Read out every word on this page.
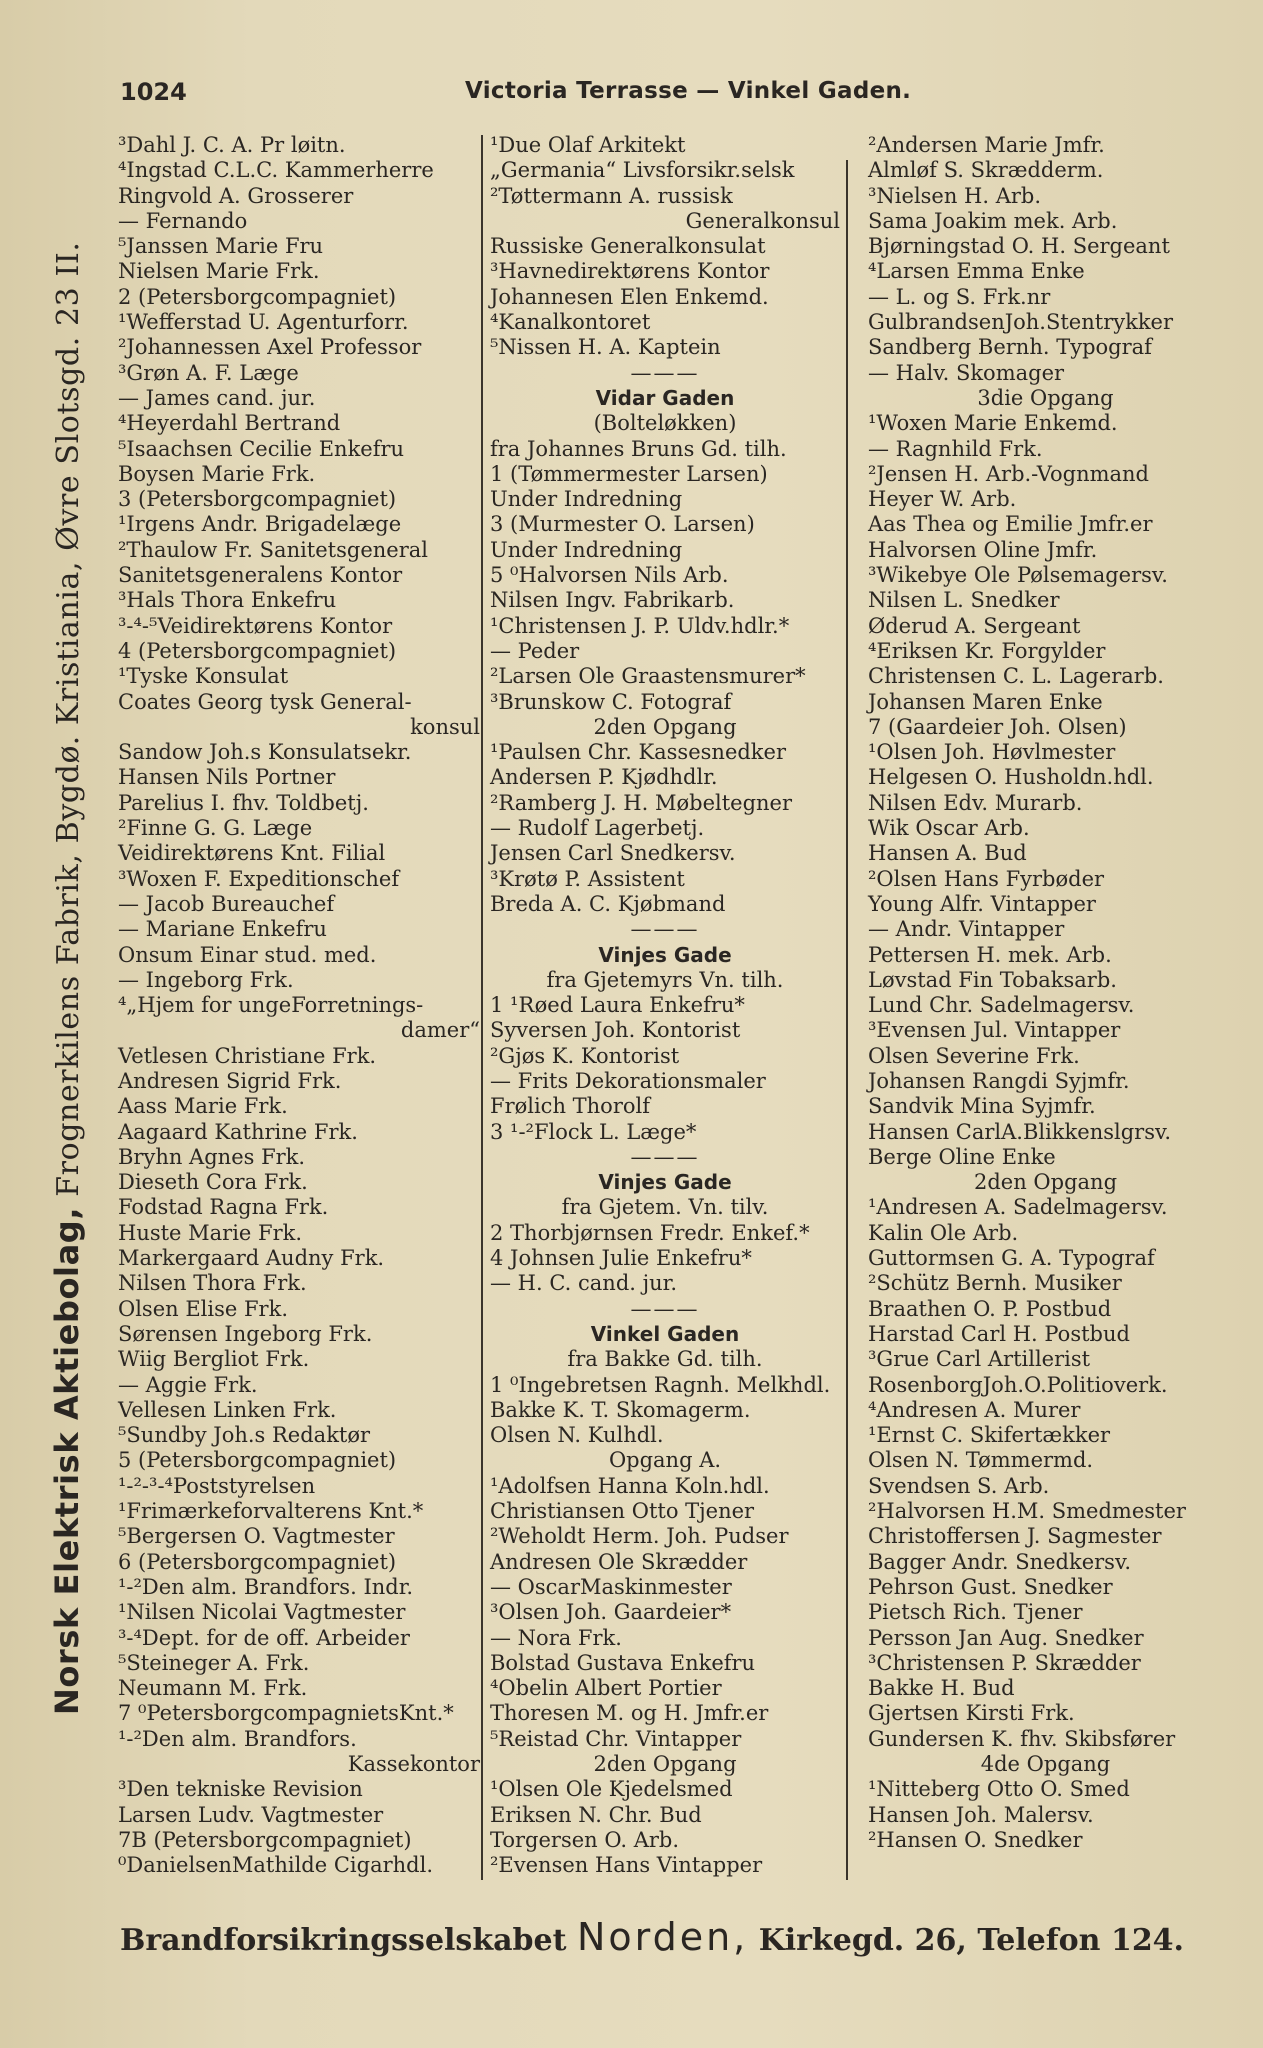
1024	Victoria Terrasse — Vinkel Gaden.
Norsk Elektrisk Aktiebolag, Frognerkilens Fabrik, Bygdø. Kristiania, Øvre Slotsgd. 23 II.
³Dahl J. C. A. Pr løitn.
⁴Ingstad C.L.C. Kammerherre
Ringvold A. Grosserer
— Fernando
⁵Janssen Marie Fru
Nielsen Marie Frk.
2 (Petersborgcompagniet)
¹Wefferstad U. Agenturforr.
²Johannessen Axel Professor
³Grøn A. F. Læge
— James cand. jur.
⁴Heyerdahl Bertrand
⁵Isaachsen Cecilie Enkefru
Boysen Marie Frk.
3 (Petersborgcompagniet)
¹Irgens Andr. Brigadelæge
²Thaulow Fr. Sanitetsgeneral
Sanitetsgeneralens Kontor
³Hals Thora Enkefru
³-⁴-⁵Veidirektørens Kontor
4 (Petersborgcompagniet)
¹Tyske Konsulat
Coates Georg tysk General-
konsul
Sandow Joh.s Konsulatsekr.
Hansen Nils Portner
Parelius I. fhv. Toldbetj.
²Finne G. G. Læge
Veidirektørens Knt. Filial
³Woxen F. Expeditionschef
— Jacob Bureauchef
— Mariane Enkefru
Onsum Einar stud. med.
— Ingeborg Frk.
⁴„Hjem for ungeForretnings-
damer“
Vetlesen Christiane Frk.
Andresen Sigrid Frk.
Aass Marie Frk.
Aagaard Kathrine Frk.
Bryhn Agnes Frk.
Dieseth Cora Frk.
Fodstad Ragna Frk.
Huste Marie Frk.
Markergaard Audny Frk.
Nilsen Thora Frk.
Olsen Elise Frk.
Sørensen Ingeborg Frk.
Wiig Bergliot Frk.
— Aggie Frk.
Vellesen Linken Frk.
⁵Sundby Joh.s Redaktør
5 (Petersborgcompagniet)
¹-²-³-⁴Poststyrelsen
¹Frimærkeforvalterens Knt.*
⁵Bergersen O. Vagtmester
6 (Petersborgcompagniet)
¹-²Den alm. Brandfors. Indr.
¹Nilsen Nicolai Vagtmester
³-⁴Dept. for de off. Arbeider
⁵Steineger A. Frk.
Neumann M. Frk.
7 ⁰PetersborgcompagnietsKnt.*
¹-²Den alm. Brandfors.
Kassekontor
³Den tekniske Revision
Larsen Ludv. Vagtmester
7B (Petersborgcompagniet)
⁰DanielsenMathilde Cigarhdl.
¹Due Olaf Arkitekt
„Germania“ Livsforsikr.selsk
²Tøttermann A. russisk
Generalkonsul
Russiske Generalkonsulat
³Havnedirektørens Kontor
Johannesen Elen Enkemd.
⁴Kanalkontoret
⁵Nissen H. A. Kaptein
———
Vidar Gaden
(Bolteløkken)
fra Johannes Bruns Gd. tilh.
1 (Tømmermester Larsen)
Under Indredning
3 (Murmester O. Larsen)
Under Indredning
5 ⁰Halvorsen Nils Arb.
Nilsen Ingv. Fabrikarb.
¹Christensen J. P. Uldv.hdlr.*
— Peder
²Larsen Ole Graastensmurer*
³Brunskow C. Fotograf
2den Opgang
¹Paulsen Chr. Kassesnedker
Andersen P. Kjødhdlr.
²Ramberg J. H. Møbeltegner
— Rudolf Lagerbetj.
Jensen Carl Snedkersv.
³Krøtø P. Assistent
Breda A. C. Kjøbmand
———
Vinjes Gade
fra Gjetemyrs Vn. tilh.
1 ¹Røed Laura Enkefru*
Syversen Joh. Kontorist
²Gjøs K. Kontorist
— Frits Dekorationsmaler
Frølich Thorolf
3 ¹-²Flock L. Læge*
———
Vinjes Gade
fra Gjetem. Vn. tilv.
2 Thorbjørnsen Fredr. Enkef.*
4 Johnsen Julie Enkefru*
— H. C. cand. jur.
———
Vinkel Gaden
fra Bakke Gd. tilh.
1 ⁰Ingebretsen Ragnh. Melkhdl.
Bakke K. T. Skomagerm.
Olsen N. Kulhdl.
Opgang A.
¹Adolfsen Hanna Koln.hdl.
Christiansen Otto Tjener
²Weholdt Herm. Joh. Pudser
Andresen Ole Skrædder
— OscarMaskinmester
³Olsen Joh. Gaardeier*
— Nora Frk.
Bolstad Gustava Enkefru
⁴Obelin Albert Portier
Thoresen M. og H. Jmfr.er
⁵Reistad Chr. Vintapper
2den Opgang
¹Olsen Ole Kjedelsmed
Eriksen N. Chr. Bud
Torgersen O. Arb.
²Evensen Hans Vintapper
²Andersen Marie Jmfr.
Almløf S. Skrædderm.
³Nielsen H. Arb.
Sama Joakim mek. Arb.
Bjørningstad O. H. Sergeant
⁴Larsen Emma Enke
— L. og S. Frk.nr
GulbrandsenJoh.Stentrykker
Sandberg Bernh. Typograf
— Halv. Skomager
3die Opgang
¹Woxen Marie Enkemd.
— Ragnhild Frk.
²Jensen H. Arb.-Vognmand
Heyer W. Arb.
Aas Thea og Emilie Jmfr.er
Halvorsen Oline Jmfr.
³Wikebye Ole Pølsemagersv.
Nilsen L. Snedker
Øderud A. Sergeant
⁴Eriksen Kr. Forgylder
Christensen C. L. Lagerarb.
Johansen Maren Enke
7 (Gaardeier Joh. Olsen)
¹Olsen Joh. Høvlmester
Helgesen O. Husholdn.hdl.
Nilsen Edv. Murarb.
Wik Oscar Arb.
Hansen A. Bud
²Olsen Hans Fyrbøder
Young Alfr. Vintapper
— Andr. Vintapper
Pettersen H. mek. Arb.
Løvstad Fin Tobaksarb.
Lund Chr. Sadelmagersv.
³Evensen Jul. Vintapper
Olsen Severine Frk.
Johansen Rangdi Syjmfr.
Sandvik Mina Syjmfr.
Hansen CarlA.Blikkenslgrsv.
Berge Oline Enke
2den Opgang
¹Andresen A. Sadelmagersv.
Kalin Ole Arb.
Guttormsen G. A. Typograf
²Schütz Bernh. Musiker
Braathen O. P. Postbud
Harstad Carl H. Postbud
³Grue Carl Artillerist
RosenborgJoh.O.Politioverk.
⁴Andresen A. Murer
¹Ernst C. Skifertækker
Olsen N. Tømmermd.
Svendsen S. Arb.
²Halvorsen H.M. Smedmester
Christoffersen J. Sagmester
Bagger Andr. Snedkersv.
Pehrson Gust. Snedker
Pietsch Rich. Tjener
Persson Jan Aug. Snedker
³Christensen P. Skrædder
Bakke H. Bud
Gjertsen Kirsti Frk.
Gundersen K. fhv. Skibsfører
4de Opgang
¹Nitteberg Otto O. Smed
Hansen Joh. Malersv.
²Hansen O. Snedker
Brandforsikringsselskabet Norden, Kirkegd. 26, Telefon 124.
